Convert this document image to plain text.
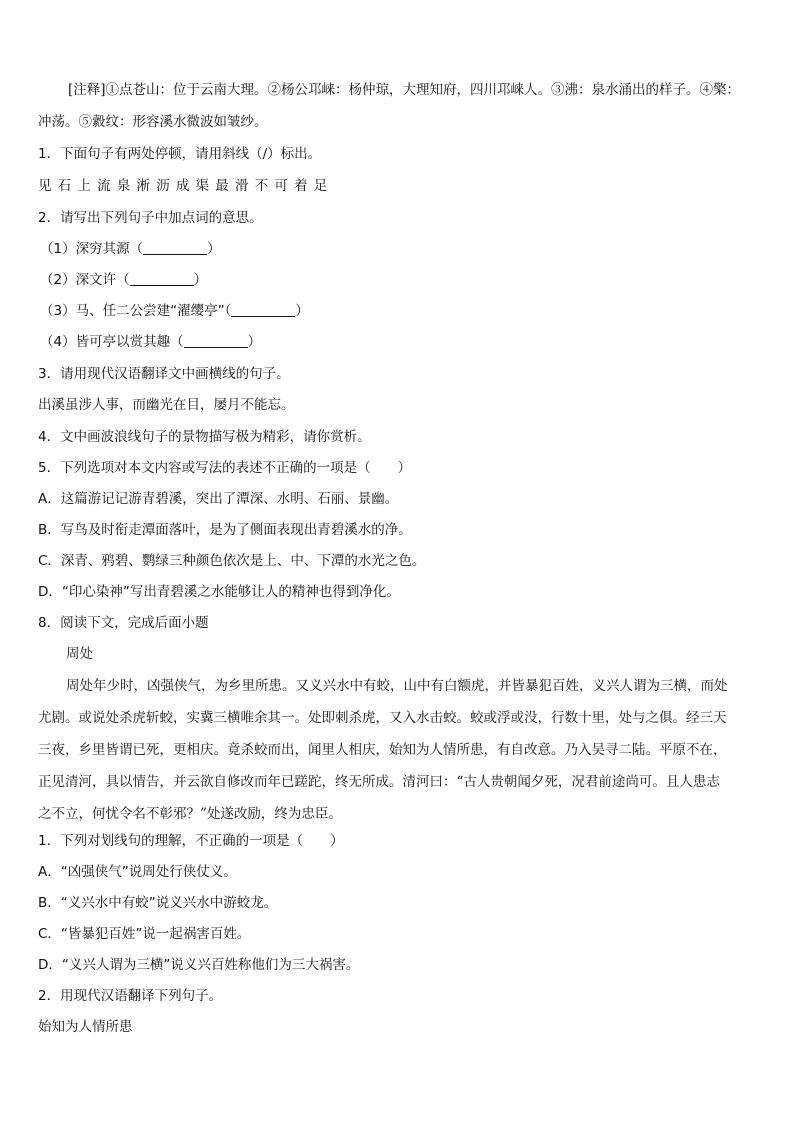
[注释]①点苍山：位于云南大理。②杨公邛崃：杨仲琼，大理知府，四川邛崃人。③沸：泉水涌出的样子。④檠：
冲荡。⑤縠纹：形容溪水微波如皱纱。
1．下面句子有两处停顿，请用斜线（/）标出。
见石上流泉淅沥成渠最滑不可着足
2．请写出下列句子中加点词的意思。
（1）深穷其源（	）
（2）深文许（	）
（3）马、任二公尝建“濯缨亭”（	）
（4）皆可亭以赏其趣（	）
3．请用现代汉语翻译文中画横线的句子。
出溪虽涉人事，而幽光在目，屡月不能忘。
4．文中画波浪线句子的景物描写极为精彩，请你赏析。
5．下列选项对本文内容或写法的表述不正确的一项是（　　）
A．这篇游记记游青碧溪，突出了潭深、水明、石丽、景幽。
B．写鸟及时衔走潭面落叶，是为了侧面表现出青碧溪水的净。
C．深青、鸦碧、鹦绿三种颜色依次是上、中、下潭的水光之色。
D．“印心染神”写出青碧溪之水能够让人的精神也得到净化。
8．阅读下文，完成后面小题
周处
周处年少时，凶强侠气，为乡里所患。又义兴水中有蛟，山中有白额虎，并皆暴犯百姓，义兴人谓为三横，而处
尤剧。或说处杀虎斩蛟，实冀三横唯余其一。处即刺杀虎，又入水击蛟。蛟或浮或没，行数十里，处与之俱。经三天
三夜，乡里皆谓已死，更相庆。竟杀蛟而出，闻里人相庆，始知为人情所患，有自改意。乃入吴寻二陆。平原不在，
正见清河，具以情告，并云欲自修改而年已蹉跎，终无所成。清河曰：“古人贵朝闻夕死，况君前途尚可。且人患志
之不立，何忧令名不彰邪？”处遂改励，终为忠臣。
1．下列对划线句的理解，不正确的一项是（　　）
A．“凶强侠气”说周处行侠仗义。
B．“义兴水中有蛟”说义兴水中游蛟龙。
C．“皆暴犯百姓”说一起祸害百姓。
D．“义兴人谓为三横”说义兴百姓称他们为三大祸害。
2．用现代汉语翻译下列句子。
始知为人情所患
